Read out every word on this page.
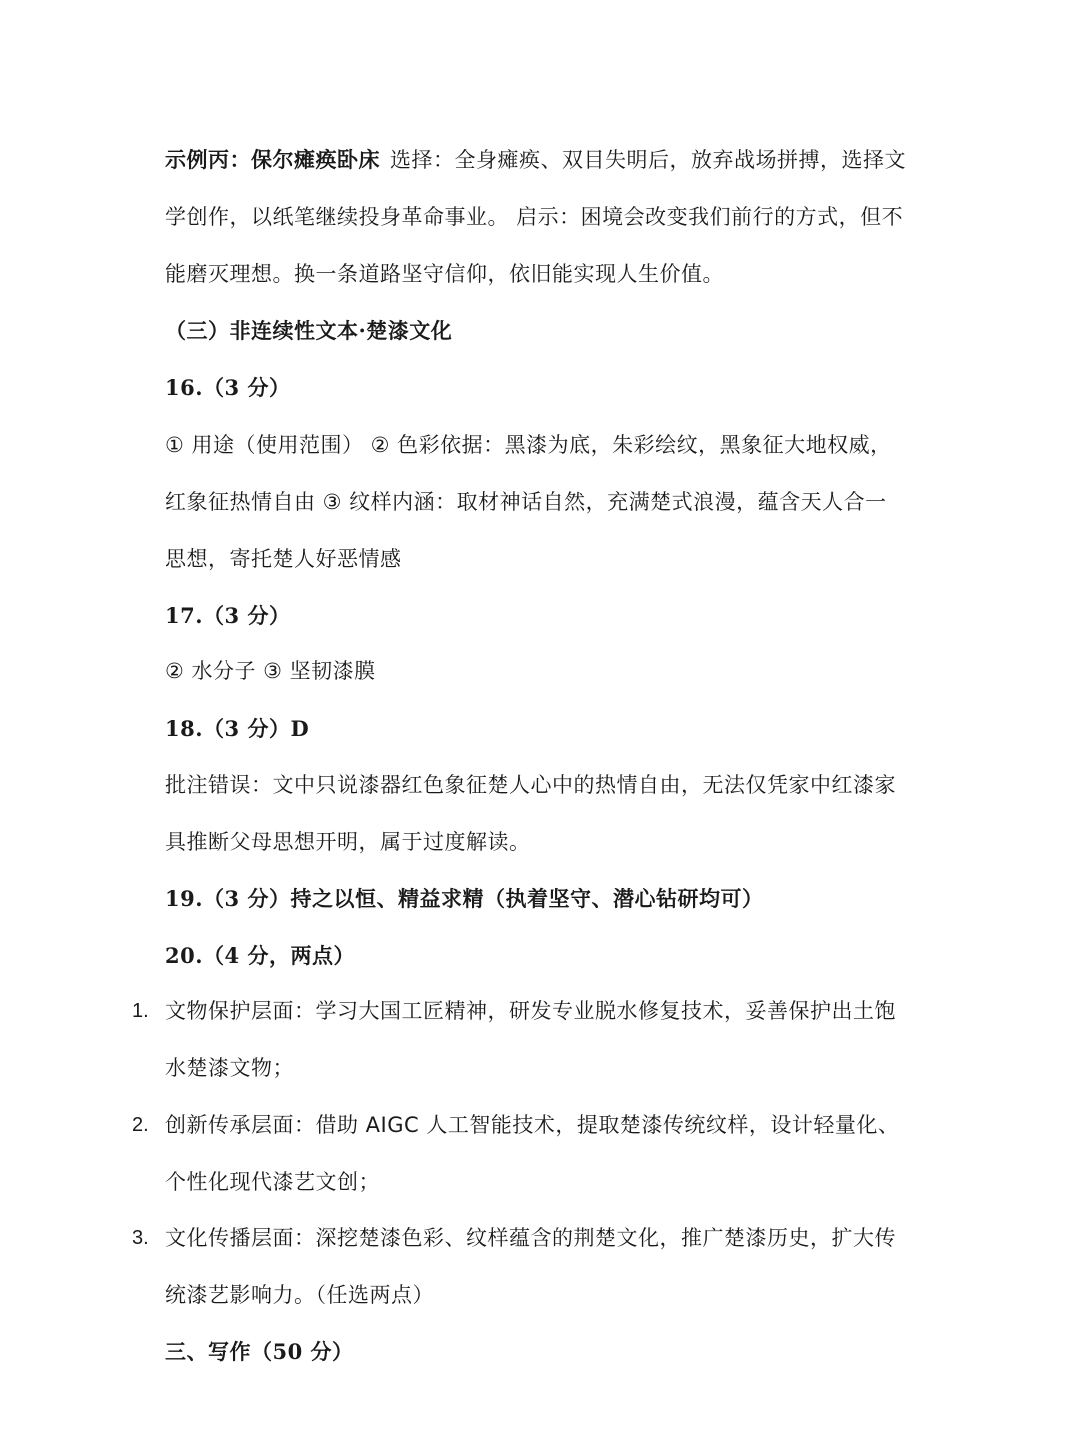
示例丙：保尔瘫痪卧床 选择：全身瘫痪、双目失明后，放弃战场拼搏，选择文
学创作，以纸笔继续投身革命事业。 启示：困境会改变我们前行的方式，但不
能磨灭理想。换一条道路坚守信仰，依旧能实现人生价值。
（三）非连续性文本·楚漆文化
16.（3 分）
① 用途（使用范围） ② 色彩依据：黑漆为底，朱彩绘纹，黑象征大地权威，
红象征热情自由 ③ 纹样内涵：取材神话自然，充满楚式浪漫，蕴含天人合一
思想，寄托楚人好恶情感
17.（3 分）
② 水分子 ③ 坚韧漆膜
18.（3 分）D
批注错误：文中只说漆器红色象征楚人心中的热情自由，无法仅凭家中红漆家
具推断父母思想开明，属于过度解读。
19.（3 分）持之以恒、精益求精（执着坚守、潜心钻研均可）
20.（4 分，两点）
1. 文物保护层面：学习大国工匠精神，研发专业脱水修复技术，妥善保护出土饱
水楚漆文物；
2. 创新传承层面：借助 AIGC 人工智能技术，提取楚漆传统纹样，设计轻量化、
个性化现代漆艺文创；
3. 文化传播层面：深挖楚漆色彩、纹样蕴含的荆楚文化，推广楚漆历史，扩大传
统漆艺影响力。（任选两点）
三、写作（50 分）
